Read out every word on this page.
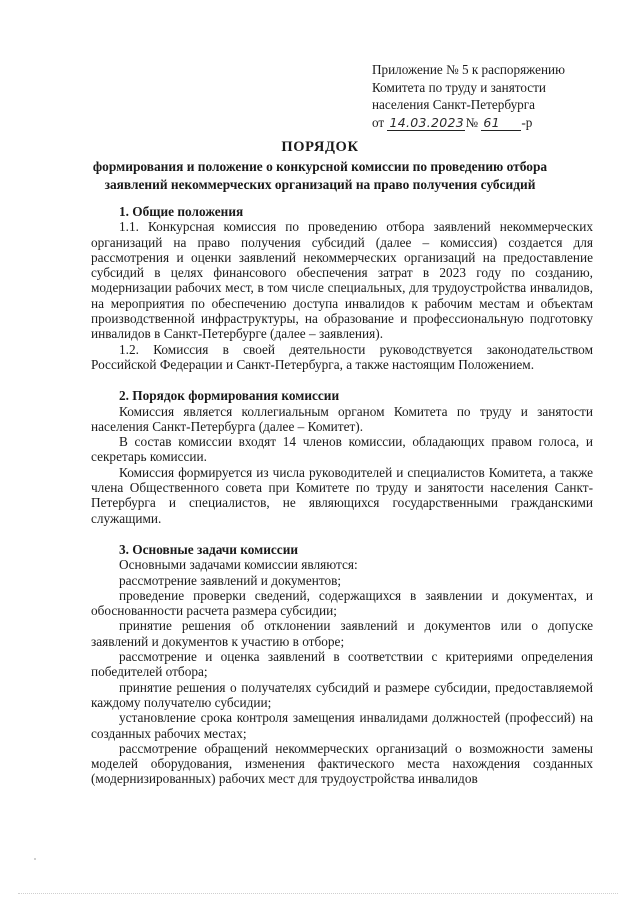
Приложение № 5 к распоряжению
Комитета по труду и занятости
населения Санкт-Петербурга
от 14.03.2023№ 61 -р
ПОРЯДОК
формирования и положение о конкурсной комиссии по проведению отбора
заявлений некоммерческих организаций на право получения субсидий

1. Общие положения

1.1. Конкурсная комиссия по проведению отбора заявлений некоммерческих организаций на право получения субсидий (далее – комиссия) создается для рассмотрения и оценки заявлений некоммерческих организаций на предоставление субсидий в целях финансового обеспечения затрат в 2023 году по созданию, модернизации рабочих мест, в том числе специальных, для трудоустройства инвалидов, на мероприятия по обеспечению доступа инвалидов к рабочим местам и объектам производственной инфраструктуры, на образование и профессиональную подготовку инвалидов в Санкт-Петербурге (далее – заявления).

1.2. Комиссия в своей деятельности руководствуется законодательством Российской Федерации и Санкт-Петербурга, а также настоящим Положением.

2. Порядок формирования комиссии

Комиссия является коллегиальным органом Комитета по труду и занятости населения Санкт-Петербурга (далее – Комитет).

В состав комиссии входят 14 членов комиссии, обладающих правом голоса, и секретарь комиссии.

Комиссия формируется из числа руководителей и специалистов Комитета, а также члена Общественного совета при Комитете по труду и занятости населения Санкт-Петербурга и специалистов, не являющихся государственными гражданскими служащими.

3. Основные задачи комиссии

Основными задачами комиссии являются:

рассмотрение заявлений и документов;

проведение проверки сведений, содержащихся в заявлении и документах, и обоснованности расчета размера субсидии;

принятие решения об отклонении заявлений и документов или о допуске заявлений и документов к участию в отборе;

рассмотрение и оценка заявлений в соответствии с критериями определения победителей отбора;

принятие решения о получателях субсидий и размере субсидии, предоставляемой каждому получателю субсидии;

установление срока контроля замещения инвалидами должностей (профессий) на созданных рабочих местах;

рассмотрение обращений некоммерческих организаций о возможности замены моделей оборудования, изменения фактического места нахождения созданных (модернизированных) рабочих мест для трудоустройства инвалидов
